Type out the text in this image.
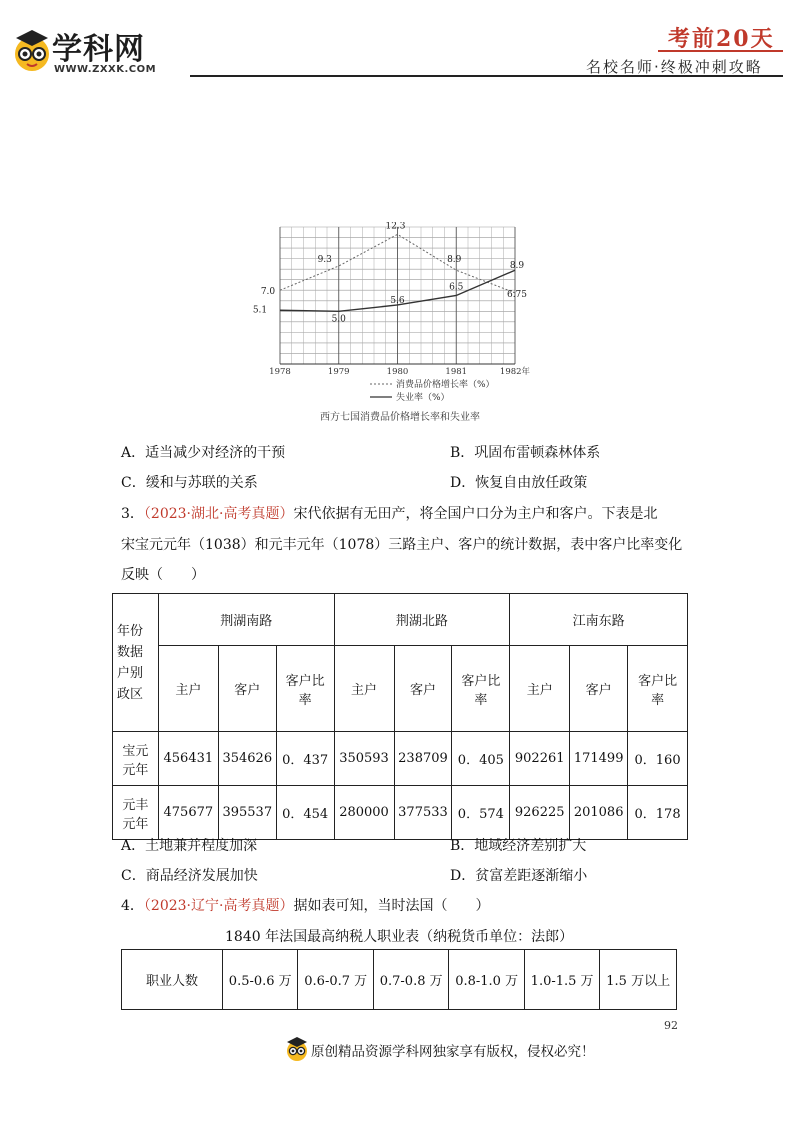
学科网
WWW.ZXXK.COM
考前20天
名校名师·终极冲刺攻略
1978	1979	1980	1981	1982年
7.0
9.3
12.3
8.9
6.75
5.1
5.0
5.6
6.5
8.9
消费品价格增长率（%）
失业率（%）
西方七国消费品价格增长率和失业率
A．适当减少对经济的干预	B．巩固布雷顿森林体系
C．缓和与苏联的关系	D．恢复自由放任政策
3．（2023·湖北·高考真题）宋代依据有无田产，将全国户口分为主户和客户。下表是北
宋宝元元年（1038）和元丰元年（1078）三路主户、客户的统计数据，表中客户比率变化
反映（　　）
年份
数据
户别
政区	荆湖南路			荆湖北路			江南东路		
	主户	客户	客户比率	主户	客户	客户比率	主户	客户	客户比率
宝元元年	456431	354626	0．437	350593	238709	0．405	902261	171499	0．160
元丰元年	475677	395537	0．454	280000	377533	0．574	926225	201086	0．178
A．土地兼并程度加深	B．地域经济差别扩大
C．商品经济发展加快	D．贫富差距逐渐缩小
4．（2023·辽宁·高考真题）据如表可知，当时法国（　　）
1840 年法国最高纳税人职业表（纳税货币单位：法郎）
职业人数	0.5-0.6 万	0.6-0.7 万	0.7-0.8 万	0.8-1.0 万	1.0-1.5 万	1.5 万以上
92
原创精品资源学科网独家享有版权，侵权必究！
